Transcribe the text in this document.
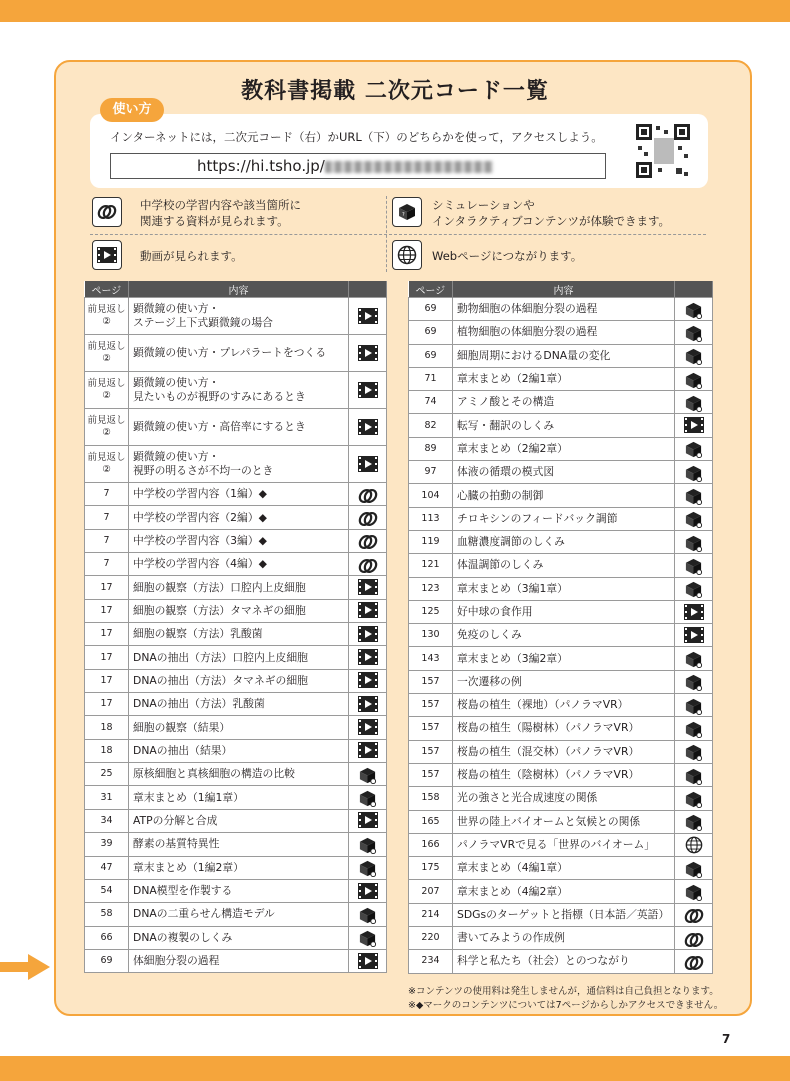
教科書掲載 二次元コード一覧
使い方
インターネットには，二次元コード（右）かURL（下）のどちらかを使って，アクセスしよう。
https://hi.tsho.jp/
中学校の学習内容や該当箇所に
関連する資料が見られます。	?
シミュレーションや
インタラクティブコンテンツが体験できます。
動画が見られます。	Webページにつながります。
ページ	内容	
前見返し
②	顕微鏡の使い方・
ステージ上下式顕微鏡の場合	
前見返し
②	顕微鏡の使い方・プレパラートをつくる	
前見返し
②	顕微鏡の使い方・
見たいものが視野のすみにあるとき	
前見返し
②	顕微鏡の使い方・高倍率にするとき	
前見返し
②	顕微鏡の使い方・
視野の明るさが不均一のとき	
7	中学校の学習内容（1編）◆	
7	中学校の学習内容（2編）◆	
7	中学校の学習内容（3編）◆	
7	中学校の学習内容（4編）◆	
17	細胞の観察（方法）口腔内上皮細胞	
17	細胞の観察（方法）タマネギの細胞	
17	細胞の観察（方法）乳酸菌	
17	DNAの抽出（方法）口腔内上皮細胞	
17	DNAの抽出（方法）タマネギの細胞	
17	DNAの抽出（方法）乳酸菌	
18	細胞の観察（結果）	
18	DNAの抽出（結果）	
25	原核細胞と真核細胞の構造の比較	
31	章末まとめ（1編1章）	
34	ATPの分解と合成	
39	酵素の基質特異性	
47	章末まとめ（1編2章）	
54	DNA模型を作製する	
58	DNAの二重らせん構造モデル	
66	DNAの複製のしくみ	
69	体細胞分裂の過程	
ページ	内容	
69	動物細胞の体細胞分裂の過程	
69	植物細胞の体細胞分裂の過程	
69	細胞周期におけるDNA量の変化	
71	章末まとめ（2編1章）	
74	アミノ酸とその構造	
82	転写・翻訳のしくみ	
89	章末まとめ（2編2章）	
97	体液の循環の模式図	
104	心臓の拍動の制御	
113	チロキシンのフィードバック調節	
119	血糖濃度調節のしくみ	
121	体温調節のしくみ	
123	章末まとめ（3編1章）	
125	好中球の食作用	
130	免疫のしくみ	
143	章末まとめ（3編2章）	
157	一次遷移の例	
157	桜島の植生（裸地）（パノラマVR）	
157	桜島の植生（陽樹林）（パノラマVR）	
157	桜島の植生（混交林）（パノラマVR）	
157	桜島の植生（陰樹林）（パノラマVR）	
158	光の強さと光合成速度の関係	
165	世界の陸上バイオームと気候との関係	
166	パノラマVRで見る「世界のバイオーム」	
175	章末まとめ（4編1章）	
207	章末まとめ（4編2章）	
214	SDGsのターゲットと指標（日本語／英語）	
220	書いてみようの作成例	
234	科学と私たち（社会）とのつながり	
※コンテンツの使用料は発生しませんが，通信料は自己負担となります。
※◆マークのコンテンツについては7ページからしかアクセスできません。
7
